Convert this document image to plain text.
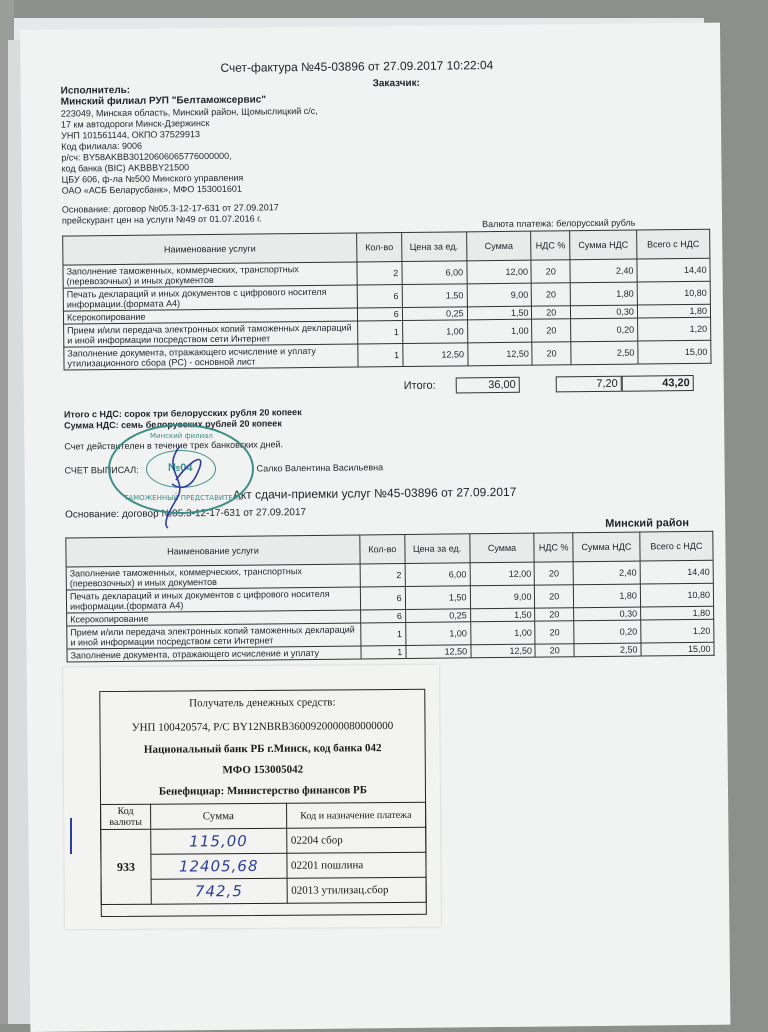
Счет-фактура №45-03896 от 27.09.2017 10:22:04
Заказчик:
Исполнитель:
Минский филиал РУП "Белтаможсервис"
223049, Минская область, Минский район, Щомыслицкий с/с,
17 км автодороги Минск-Дзержинск
УНП 101561144, ОКПО 37529913
Код филиала: 9006
р/сч: BY58AKBB30120606065776000000,
код банка (BIC) AKBBBY21500
ЦБУ 606, ф-ла №500 Минского управления
ОАО «АСБ Беларусбанк», МФО 153001601
Основание: договор №05.3-12-17-631 от 27.09.2017
прейскурант цен на услуги №49 от 01.07.2016 г.	Валюта платежа: белорусский рубль
Наименование услуги	Кол-во	Цена за ед.	Сумма	НДС %	Сумма НДС	Всего с НДС
Заполнение таможенных, коммерческих, транспортных (перевозочных) и иных документов	2	6,00	12,00	20	2,40	14,40
Печать деклараций и иных документов с цифрового носителя информации.(формата А4)	6	1,50	9,00	20	1,80	10,80
Ксерокопирование	6	0,25	1,50	20	0,30	1,80
Прием и/или передача электронных копий таможенных деклараций и иной информации посредством сети Интернет	1	1,00	1,00	20	0,20	1,20
Заполнение документа, отражающего исчисление и уплату утилизационного сбора (РС) - основной лист	1	12,50	12,50	20	2,50	15,00
Итого:	36,00	7,20	43,20
Итого с НДС: сорок три белорусских рубля 20 копеек
Сумма НДС: семь белорусских рублей 20 копеек
Счет действителен в течение трех банковских дней.
СЧЕТ ВЫПИСАЛ:	Салко Валентина Васильевна
Акт сдачи-приемки услуг №45-03896 от 27.09.2017
Основание: договор №05.3-12-17-631 от 27.09.2017
Минский район
Наименование услуги	Кол-во	Цена за ед.	Сумма	НДС %	Сумма НДС	Всего с НДС
Заполнение таможенных, коммерческих, транспортных (перевозочных) и иных документов	2	6,00	12,00	20	2,40	14,40
Печать деклараций и иных документов с цифрового носителя информации.(формата А4)	6	1,50	9,00	20	1,80	10,80
Ксерокопирование	6	0,25	1,50	20	0,30	1,80
Прием и/или передача электронных копий таможенных деклараций и иной информации посредством сети Интернет	1	1,00	1,00	20	0,20	1,20
Заполнение документа, отражающего исчисление и уплату	1	12,50	12,50	20	2,50	15,00
Минский филиал
№04
ТАМОЖЕННЫЙ ПРЕДСТАВИТЕЛЬ
Получатель денежных средств:
УНП 100420574, Р/С BY12NBRB3600920000080000000
Национальный банк РБ г.Минск, код банка 042
МФО 153005042
Бенефициар: Министерство финансов РБ
Код валюты	Сумма	Код и назначение платежа
933	115,00	02204 сбор
	12405,68	02201 пошлина
	742,5	02013 утилизац.сбор
